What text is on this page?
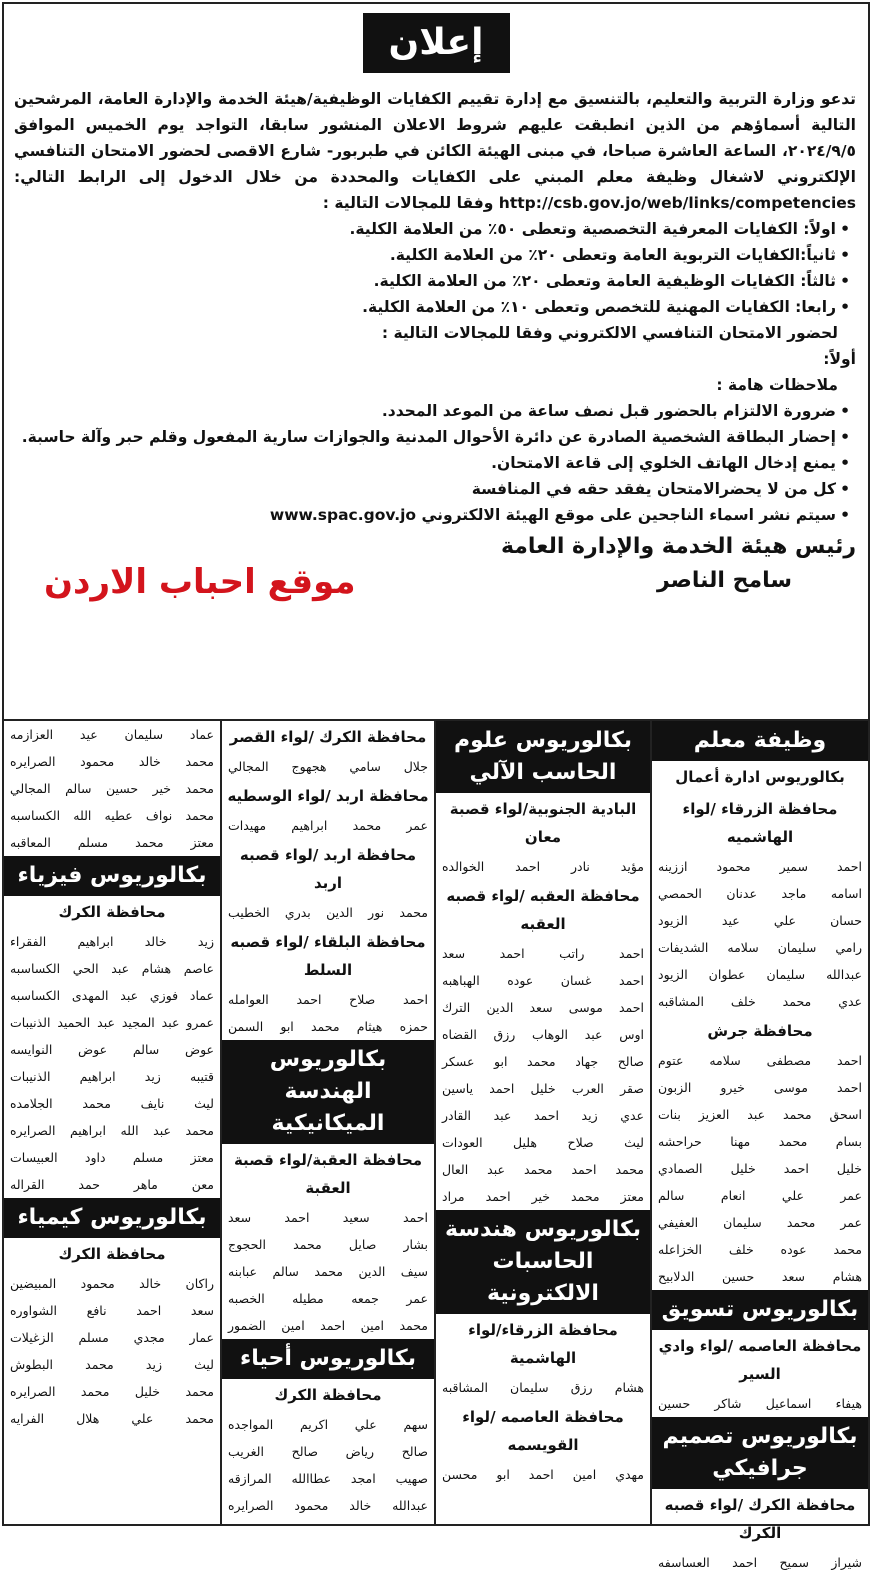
إعلان

تدعو وزارة التربية والتعليم، بالتنسيق مع إدارة تقييم الكفايات الوظيفية/هيئة الخدمة والإدارة العامة، المرشحين التالية أسماؤهم من الذين انطبقت عليهم شروط الاعلان المنشور سابقا، التواجد يوم الخميس الموافق ٢٠٢٤/٩/٥، الساعة العاشرة صباحا، في مبنى الهيئة الكائن في طبربور- شارع الاقصى لحضور الامتحان التنافسي الإلكتروني لاشغال وظيفة معلم المبني على الكفايات والمحددة من خلال الدخول إلى الرابط التالي: http://csb.gov.jo/web/links/competencies وفقا للمجالات التالية :

• اولاً: الكفايات المعرفية التخصصية وتعطى ٥٠٪ من العلامة الكلية.
• ثانياً:الكفايات التربوية العامة وتعطى ٢٠٪ من العلامة الكلية.
• ثالثاً: الكفايات الوظيفية العامة وتعطى ٢٠٪ من العلامة الكلية.
• رابعا: الكفايات المهنية للتخصص وتعطى ١٠٪ من العلامة الكلية.
لحضور الامتحان التنافسي الالكتروني وفقا للمجالات التالية :
أولاً:
ملاحظات هامة :
• ضرورة الالتزام بالحضور قبل نصف ساعة من الموعد المحدد.
• إحضار البطاقة الشخصية الصادرة عن دائرة الأحوال المدنية والجوازات سارية المفعول وقلم حبر وآلة حاسبة.
• يمنع إدخال الهاتف الخلوي إلى قاعة الامتحان.
• كل من لا يحضرالامتحان يفقد حقه في المنافسة
• سيتم نشر اسماء الناجحين على موقع الهيئة الالكتروني www.spac.gov.jo
رئيس هيئة الخدمة والإدارة العامة
سامح الناصر
موقع احباب الاردن
وظيفة معلم
بكالوريوس ادارة أعمال
محافظة الزرقاء /لواء الهاشميه
احمد سمير محمود اززينه
اسامه ماجد عدنان الحمصي
حسان علي عيد الزيود
رامي سليمان سلامه الشديفات
عبدالله سليمان عطوان الزيود
عدي محمد خلف المشاقبه
محافظة جرش
احمد مصطفى سلامه عتوم
احمد موسى خيرو الزبون
اسحق محمد عبد العزيز بنات
بسام محمد مهنا حراحشه
خليل احمد خليل الصمادي
عمر علي انعام سالم
عمر محمد سليمان العفيفي
محمد عوده خلف الخزاعله
هشام سعد حسين الدلابيح
بكالوريوس تسويق
محافظة العاصمه /لواء وادي السير
هيفاء اسماعيل شاكر حسين
بكالوريوس تصميم جرافيكي
محافظة الكرك /لواء قصبه الكرك
شيراز سميح احمد العساسفه
بكالوريوس علوم الحاسب الآلي
البادية الجنوبية/لواء قصبة معان
مؤيد نادر احمد الخوالده
محافظة العقبه /لواء قصبه العقبه
احمد راتب احمد سعد
احمد غسان عوده الهباهبه
احمد موسى سعد الدين الترك
اوس عبد الوهاب رزق القضاه
صالح جهاد محمد ابو عسكر
صقر العرب خليل احمد ياسين
عدي زيد احمد عبد القادر
ليث صلاح هليل العودات
محمد احمد محمد عبد العال
معتز محمد خير احمد مراد
بكالوريوس هندسة الحاسبات الالكترونية
محافظة الزرقاء/لواء الهاشمية
هشام رزق سليمان المشاقبه
محافظة العاصمه /لواء القويسمه
مهدي امين احمد ابو محسن
محافظة الكرك /لواء القصر
جلال سامي هجهوج المجالي
محافظة اربد /لواء الوسطيه
عمر محمد ابراهيم مهيدات
محافظة اربد /لواء قصبه اربد
محمد نور الدين بدري الخطيب
محافظة البلقاء /لواء قصبه السلط
احمد صلاح احمد العوامله
حمزه هيثام محمد ابو السمن
بكالوريوس الهندسة الميكانيكية
محافظة العقبة/لواء قصبة العقبة
احمد سعيد احمد سعد
بشار صايل محمد الحجوج
سيف الدين محمد سالم عبابنه
عمر جمعه مطيله الخصبه
محمد امين احمد امين الضمور
بكالوريوس أحياء
محافظة الكرك
سهم علي اكريم المواجده
صالح رياض صالح الغريب
صهيب امجد عطاالله المرازقه
عبدالله خالد محمود الصرايره
عماد سليمان عيد العزازمه
محمد خالد محمود الصرايره
محمد خير حسين سالم المجالي
محمد نواف عطيه الله الكساسبه
معتز محمد مسلم المعاقبه
بكالوريوس فيزياء
محافظة الكرك
زيد خالد ابراهيم الفقراء
عاصم هشام عبد الحي الكساسبه
عماد فوزي عبد المهدى الكساسبه
عمرو عبد المجيد عبد الحميد الذنيبات
عوض سالم عوض النوايسه
قتيبه زيد ابراهيم الذنيبات
ليث نايف محمد الجلامده
محمد عبد الله ابراهيم الصرايره
معتز مسلم داود العبيسات
معن ماهر حمد القراله
بكالوريوس كيمياء
محافظة الكرك
راكان خالد محمود المبيضين
سعد احمد نافع الشواوره
عمار مجدي مسلم الزغيلات
ليث زيد محمد البطوش
محمد خليل محمد الصرايره
محمد علي هلال الفرايه
